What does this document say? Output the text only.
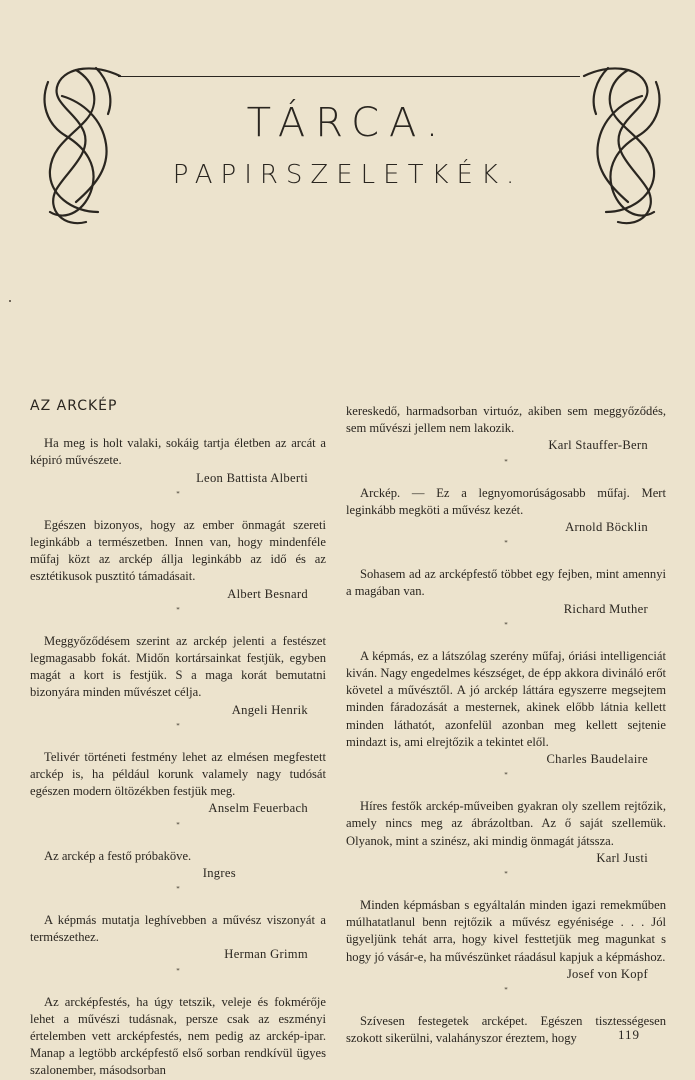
TÁRCA.
PAPIRSZELETKÉK.
AZ ARCKÉP

Ha meg is holt valaki, sokáig tartja életben az arcát a képiró művészete.

Leon Battista Alberti

*

Egészen bizonyos, hogy az ember önmagát szereti leginkább a természetben. Innen van, hogy mindenféle műfaj közt az arckép állja leginkább az idő és az esztétikusok pusztitó támadásait.

Albert Besnard

*

Meggyőződésem szerint az arckép jelenti a festészet legmagasabb fokát. Midőn kortársainkat festjük, egyben magát a kort is festjük. S a maga korát bemutatni bizonyára minden művészet célja.

Angeli Henrik

*

Telivér történeti festmény lehet az elmésen megfestett arckép is, ha például korunk valamely nagy tudósát egészen modern öltözékben festjük meg.

Anselm Feuerbach

*

Az arckép a festő próbaköve.

Ingres

*

A képmás mutatja leghívebben a művész viszonyát a természethez.

Herman Grimm

*

Az arcképfestés, ha úgy tetszik, veleje és fokmérője lehet a művészi tudásnak, persze csak az eszményi értelemben vett arcképfestés, nem pedig az arckép-ipar. Manap a legtöbb arcképfestő első sorban rendkívül ügyes szalonember, másodsorban

kereskedő, harmadsorban virtuóz, akiben sem meggyőződés, sem művészi jellem nem lakozik.

Karl Stauffer-Bern

*

Arckép. — Ez a legnyomorúságosabb műfaj. Mert leginkább megköti a művész kezét.

Arnold Böcklin

*

Sohasem ad az arcképfestő többet egy fejben, mint amennyi a magában van.

Richard Muther

*

A képmás, ez a látszólag szerény műfaj, óriási intelligenciát kiván. Nagy engedelmes készséget, de épp akkora divináló erőt követel a művésztől. A jó arckép láttára egyszerre megsejtem minden fáradozását a mesternek, akinek előbb látnia kellett minden láthatót, azonfelül azonban meg kellett sejtenie mindazt is, ami elrejtőzik a tekintet elől.

Charles Baudelaire

*

Híres festők arckép-műveiben gyakran oly szellem rejtőzik, amely nincs meg az ábrázoltban. Az ő saját szellemük. Olyanok, mint a szinész, aki mindig önmagát játssza.

Karl Justi

*

Minden képmásban s egyáltalán minden igazi remekműben múlhatatlanul benn rejtőzik a művész egyénisége . . . Jól ügyeljünk tehát arra, hogy kivel festtetjük meg magunkat s hogy jó vásár-e, ha művészünket ráadásul kapjuk a képmáshoz.

Josef von Kopf

*

Szívesen festegetek arcképet. Egészen tisztességesen szokott sikerülni, valahányszor éreztem, hogy	119
